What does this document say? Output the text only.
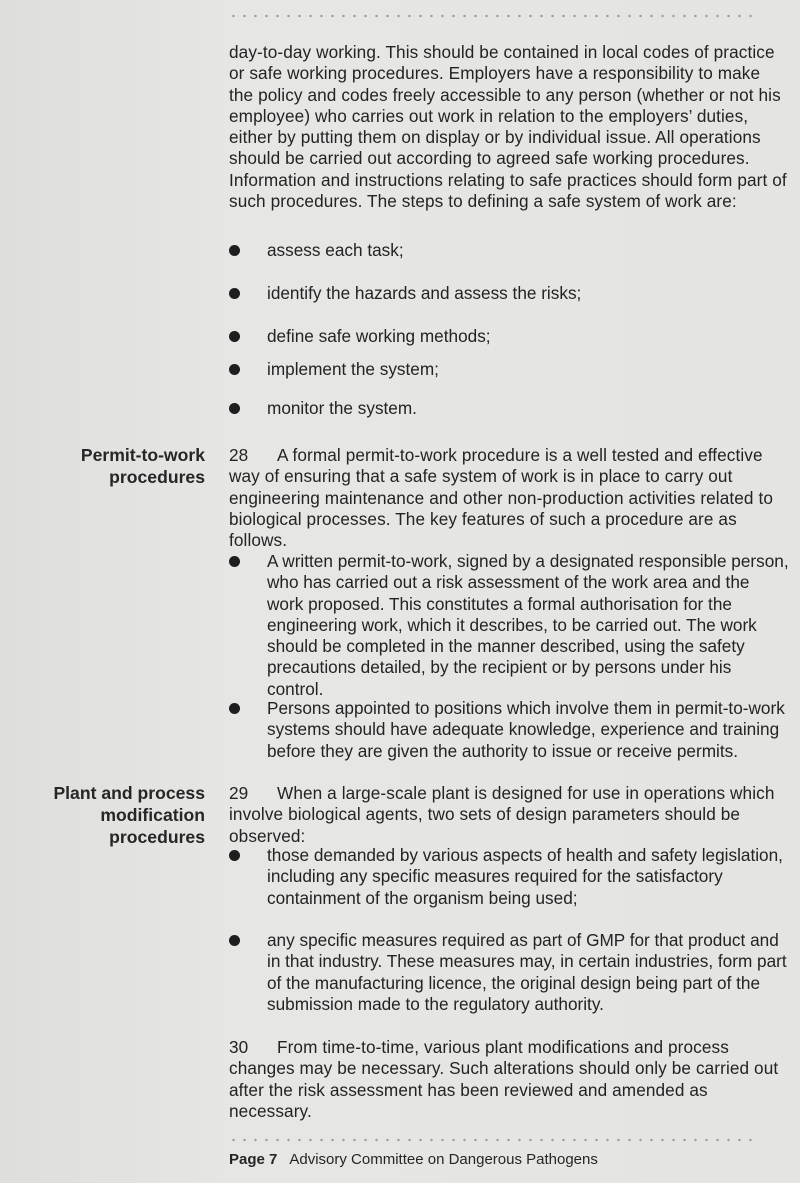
day-to-day working. This should be contained in local codes of practice or safe working procedures. Employers have a responsibility to make the policy and codes freely accessible to any person (whether or not his employee) who carries out work in relation to the employers’ duties, either by putting them on display or by individual issue. All operations should be carried out according to agreed safe working procedures. Information and instructions relating to safe practices should form part of such procedures. The steps to defining a safe system of work are:

assess each task;

identify the hazards and assess the risks;

define safe working methods;

implement the system;

monitor the system.

Permit-to-work
procedures

28 A formal permit-to-work procedure is a well tested and effective way of ensuring that a safe system of work is in place to carry out engineering maintenance and other non-production activities related to biological processes. The key features of such a procedure are as follows.

A written permit-to-work, signed by a designated responsible person, who has carried out a risk assessment of the work area and the work proposed. This constitutes a formal authorisation for the engineering work, which it describes, to be carried out. The work should be completed in the manner described, using the safety precautions detailed, by the recipient or by persons under his control.

Persons appointed to positions which involve them in permit-to-work systems should have adequate knowledge, experience and training before they are given the authority to issue or receive permits.

Plant and process
modification
procedures

29 When a large-scale plant is designed for use in operations which involve biological agents, two sets of design parameters should be observed:

those demanded by various aspects of health and safety legislation, including any specific measures required for the satisfactory containment of the organism being used;

any specific measures required as part of GMP for that product and in that industry. These measures may, in certain industries, form part of the manufacturing licence, the original design being part of the submission made to the regulatory authority.

30 From time-to-time, various plant modifications and process changes may be necessary. Such alterations should only be carried out after the risk assessment has been reviewed and amended as necessary.

Page 7 Advisory Committee on Dangerous Pathogens
